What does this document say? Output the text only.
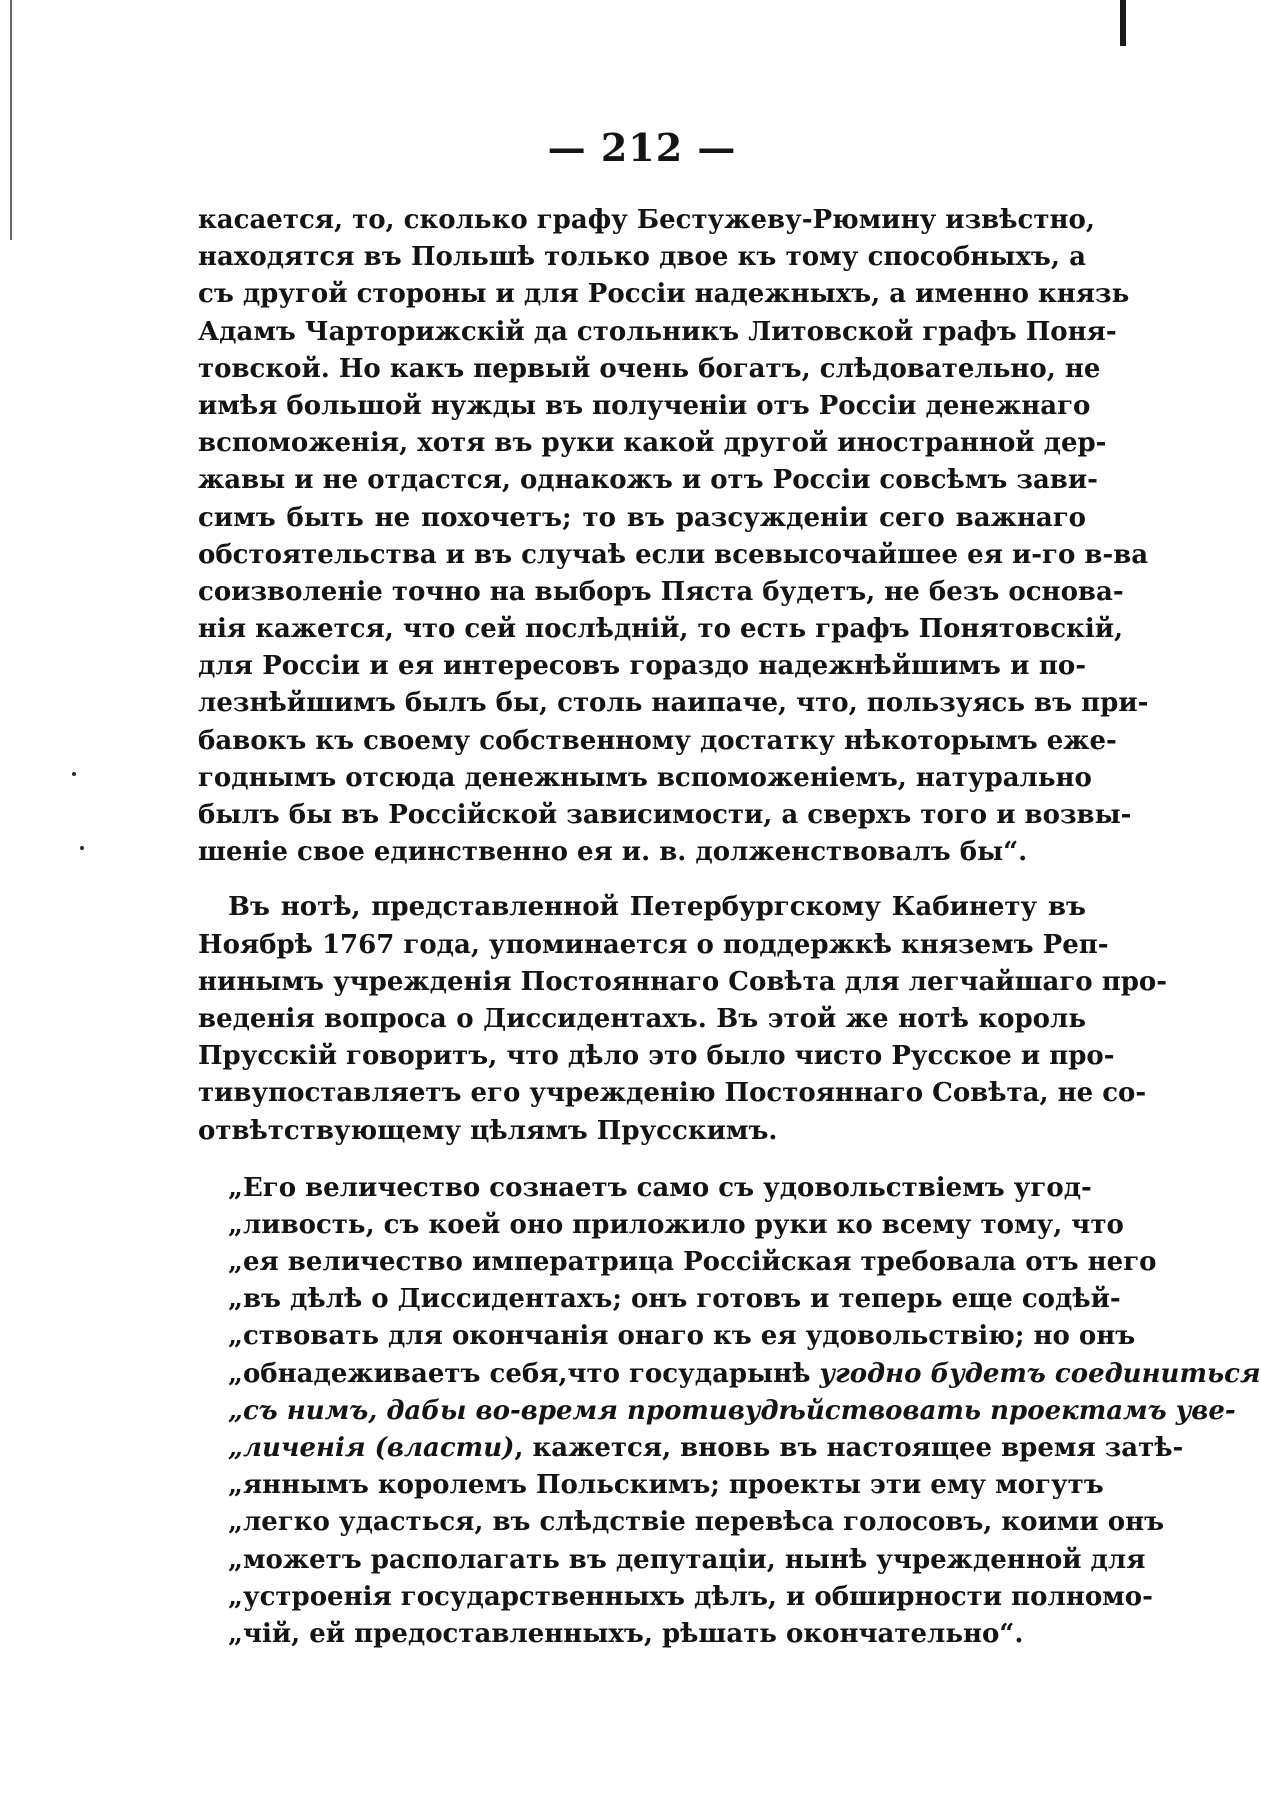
— 212 —
касается, то, сколько графу Бестужеву-Рюмину извѣстно,
находятся въ Польшѣ только двое къ тому способныхъ, а
съ другой стороны и для Россіи надежныхъ, а именно князь
Адамъ Чарторижскій да стольникъ Литовской графъ Поня-
товской. Но какъ первый очень богатъ, слѣдовательно, не
имѣя большой нужды въ полученіи отъ Россіи денежнаго
вспоможенія, хотя въ руки какой другой иностранной дер-
жавы и не отдастся, однакожъ и отъ Россіи совсѣмъ зави-
симъ быть не похочетъ; то въ разсужденіи сего важнаго
обстоятельства и въ случаѣ если всевысочайшее ея и-го в-ва
соизволеніе точно на выборъ Пяста будетъ, не безъ основа-
нія кажется, что сей послѣдній, то есть графъ Понятовскій,
для Россіи и ея интересовъ гораздо надежнѣйшимъ и по-
лезнѣйшимъ былъ бы, столь наипаче, что, пользуясь въ при-
бавокъ къ своему собственному достатку нѣкоторымъ еже-
годнымъ отсюда денежнымъ вспоможеніемъ, натурально
былъ бы въ Россійской зависимости, а сверхъ того и возвы-
шеніе свое единственно ея и. в. долженствовалъ бы“.
Въ нотѣ, представленной Петербургскому Кабинету въ
Ноябрѣ 1767 года, упоминается о поддержкѣ княземъ Реп-
нинымъ учрежденія Постояннаго Совѣта для легчайшаго про-
веденія вопроса о Диссидентахъ. Въ этой же нотѣ король
Прусскій говоритъ, что дѣло это было чисто Русское и про-
тивупоставляетъ его учрежденію Постояннаго Совѣта, не со-
отвѣтствующему цѣлямъ Прусскимъ.
„Его величество сознаетъ само съ удовольствіемъ угод-
„ливость, съ коей оно приложило руки ко всему тому, что
„ея величество императрица Россійская требовала отъ него
„въ дѣлѣ о Диссидентахъ; онъ готовъ и теперь еще содѣй-
„ствовать для окончанія онаго къ ея удовольствію; но онъ
„обнадеживаетъ себя,что государынѣ угодно будетъ соединиться
„съ нимъ, дабы во-время противудѣйствовать проектамъ уве-
„личенія (власти), кажется, вновь въ настоящее время затѣ-
„яннымъ королемъ Польскимъ; проекты эти ему могутъ
„легко удасться, въ слѣдствіе перевѣса голосовъ, коими онъ
„можетъ располагать въ депутаціи, нынѣ учрежденной для
„устроенія государственныхъ дѣлъ, и обширности полномо-
„чій, ей предоставленныхъ, рѣшать окончательно“.
